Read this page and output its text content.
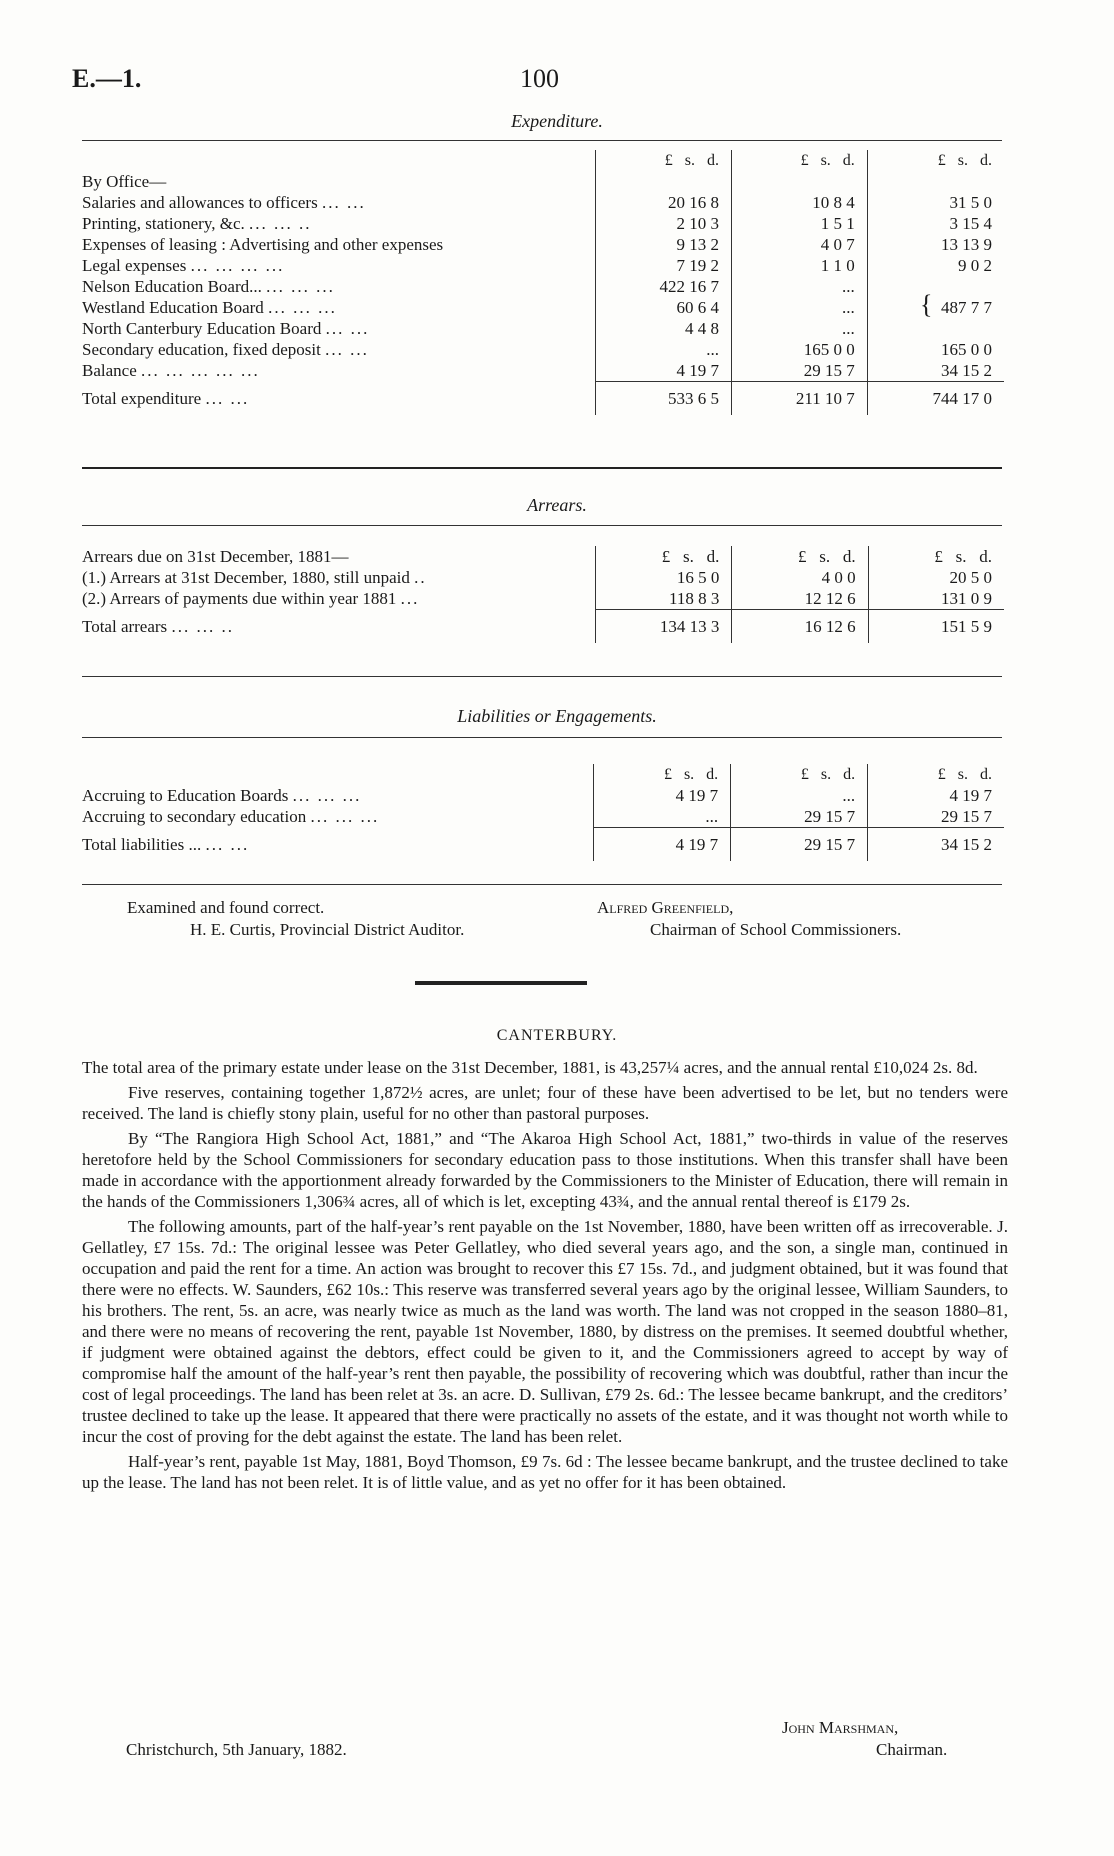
E.—1.	100
Expenditure.
	£ s. d.	£ s. d.	£ s. d.
By Office—			
Salaries and allowances to officers ... ...	20 16 8	10 8 4	31 5 0
Printing, stationery, &c. ... ... ..	2 10 3	1 5 1	3 15 4
Expenses of leasing : Advertising and other expenses	9 13 2	4 0 7	13 13 9
Legal expenses ... ... ... ...	7 19 2	1 1 0	9 0 2
Nelson Education Board... ... ... ...	422 16 7	...	
Westland Education Board ... ... ...	60 6 4	...	{ 487 7 7
North Canterbury Education Board ... ...	4 4 8	...	
Secondary education, fixed deposit ... ...	...	165 0 0	165 0 0
Balance ... ... ... ... ...	4 19 7	29 15 7	34 15 2
Total expenditure ... ...	533 6 5	211 10 7	744 17 0
Arrears.
Arrears due on 31st December, 1881—	£ s. d.	£ s. d.	£ s. d.
(1.) Arrears at 31st December, 1880, still unpaid ..	16 5 0	4 0 0	20 5 0
(2.) Arrears of payments due within year 1881 ...	118 8 3	12 12 6	131 0 9
Total arrears ... ... ..	134 13 3	16 12 6	151 5 9
Liabilities or Engagements.
	£ s. d.	£ s. d.	£ s. d.
Accruing to Education Boards ... ... ...	4 19 7	...	4 19 7
Accruing to secondary education ... ... ...	...	29 15 7	29 15 7
Total liabilities ... ... ...	4 19 7	29 15 7	34 15 2
Examined and found correct.
H. E. Curtis, Provincial District Auditor.
Alfred Greenfield,
Chairman of School Commissioners.
CANTERBURY.

The total area of the primary estate under lease on the 31st December, 1881, is 43,257¼ acres, and the annual rental £10,024 2s. 8d.

Five reserves, containing together 1,872½ acres, are unlet; four of these have been advertised to be let, but no tenders were received. The land is chiefly stony plain, useful for no other than pastoral purposes.

By “The Rangiora High School Act, 1881,” and “The Akaroa High School Act, 1881,” two-thirds in value of the reserves heretofore held by the School Commissioners for secondary education pass to those institutions. When this transfer shall have been made in accordance with the apportionment already forwarded by the Commissioners to the Minister of Education, there will remain in the hands of the Commissioners 1,306¾ acres, all of which is let, excepting 43¾, and the annual rental thereof is £179 2s.

The following amounts, part of the half-year’s rent payable on the 1st November, 1880, have been written off as irrecoverable. J. Gellatley, £7 15s. 7d.: The original lessee was Peter Gellatley, who died several years ago, and the son, a single man, continued in occupation and paid the rent for a time. An action was brought to recover this £7 15s. 7d., and judgment obtained, but it was found that there were no effects. W. Saunders, £62 10s.: This reserve was transferred several years ago by the original lessee, William Saunders, to his brothers. The rent, 5s. an acre, was nearly twice as much as the land was worth. The land was not cropped in the season 1880–81, and there were no means of recovering the rent, payable 1st November, 1880, by distress on the premises. It seemed doubtful whether, if judgment were obtained against the debtors, effect could be given to it, and the Commissioners agreed to accept by way of compromise half the amount of the half-year’s rent then payable, the possibility of recovering which was doubtful, rather than incur the cost of legal proceedings. The land has been relet at 3s. an acre. D. Sullivan, £79 2s. 6d.: The lessee became bankrupt, and the creditors’ trustee declined to take up the lease. It appeared that there were practically no assets of the estate, and it was thought not worth while to incur the cost of proving for the debt against the estate. The land has been relet.

Half-year’s rent, payable 1st May, 1881, Boyd Thomson, £9 7s. 6d : The lessee became bankrupt, and the trustee declined to take up the lease. The land has not been relet. It is of little value, and as yet no offer for it has been obtained.

John Marshman,
Christchurch, 5th January, 1882.	Chairman.
